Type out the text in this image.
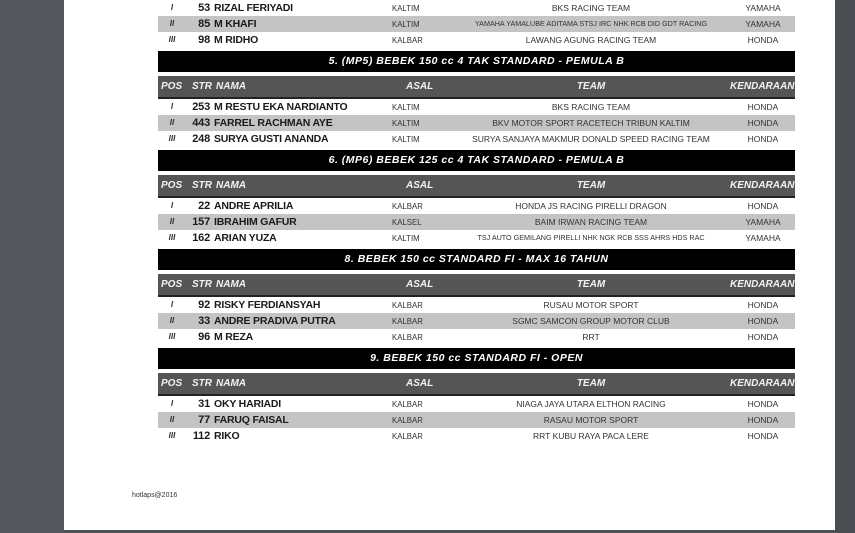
I	53 RIZAL FERIYADI	KALTIM	BKS RACING TEAM	YAMAHA
II	85 M KHAFI	KALTIM	YAMAHA YAMALUBE ADITAMA STSJ IRC NHK RCB DID GDT RACING	YAMAHA
III	98 M RIDHO	KALBAR	LAWANG AGUNG RACING TEAM	HONDA
5. (MP5) BEBEK 150 cc 4 TAK STANDARD - PEMULA B
POS STR NAMA	ASAL	TEAM	KENDARAAN
I	253 M RESTU EKA NARDIANTO	KALTIM	BKS RACING TEAM	HONDA
II	443 FARREL RACHMAN AYE	KALTIM	BKV MOTOR SPORT RACETECH TRIBUN KALTIM	HONDA
III	248 SURYA GUSTI ANANDA	KALTIM	SURYA SANJAYA MAKMUR DONALD SPEED RACING TEAM	HONDA
6. (MP6) BEBEK 125 cc 4 TAK STANDARD - PEMULA B
POS STR NAMA	ASAL	TEAM	KENDARAAN
I	22 ANDRE APRILIA	KALBAR	HONDA JS RACING PIRELLI DRAGON	HONDA
II	157 IBRAHIM GAFUR	KALSEL	BAIM IRWAN RACING TEAM	YAMAHA
III	162 ARIAN YUZA	KALTIM	TSJ AUTO GEMILANG PIRELLI NHK NGK RCB SSS AHRS HDS RAC	YAMAHA
8. BEBEK 150 cc STANDARD FI - MAX 16 TAHUN
POS STR NAMA	ASAL	TEAM	KENDARAAN
I	92 RISKY FERDIANSYAH	KALBAR	RUSAU MOTOR SPORT	HONDA
II	33 ANDRE PRADIVA PUTRA	KALBAR	SGMC SAMCON GROUP MOTOR CLUB	HONDA
III	96 M REZA	KALBAR	RRT	HONDA
9. BEBEK 150 cc STANDARD FI - OPEN
POS STR NAMA	ASAL	TEAM	KENDARAAN
I	31 OKY HARIADI	KALBAR	NIAGA JAYA UTARA ELTHON RACING	HONDA
II	77 FARUQ FAISAL	KALBAR	RASAU MOTOR SPORT	HONDA
III	112 RIKO	KALBAR	RRT KUBU RAYA PACA LERE	HONDA
hotlaps@2016
